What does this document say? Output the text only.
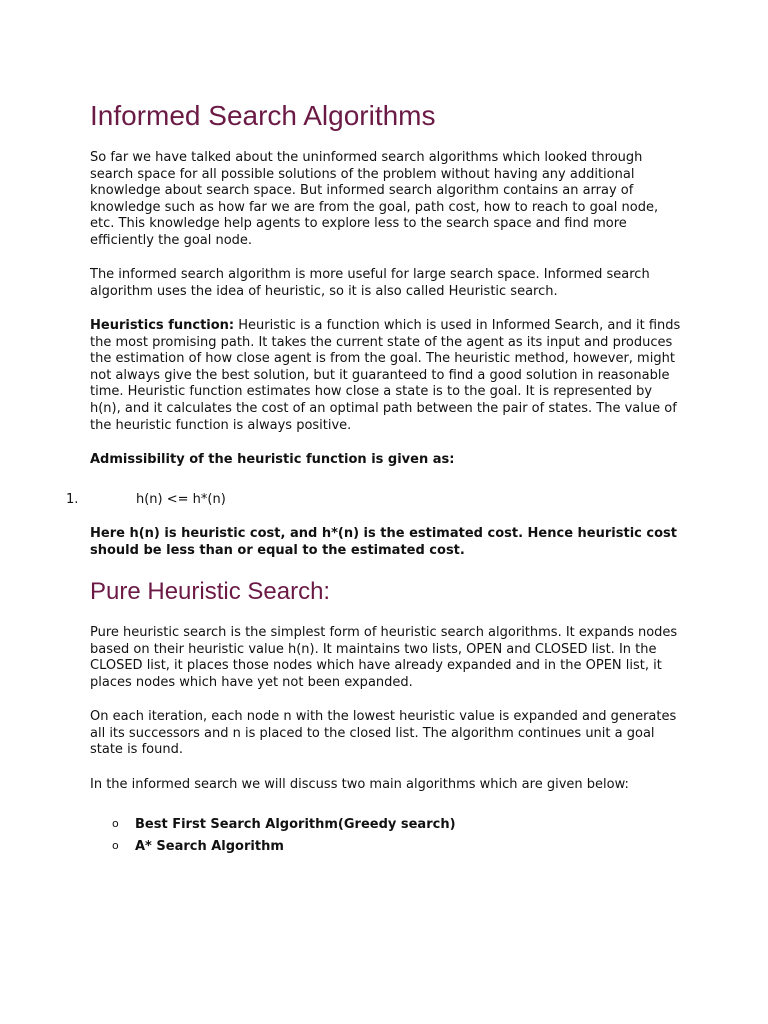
Informed Search Algorithms

So far we have talked about the uninformed search algorithms which looked through search space for all possible solutions of the problem without having any additional knowledge about search space. But informed search algorithm contains an array of knowledge such as how far we are from the goal, path cost, how to reach to goal node, etc. This knowledge help agents to explore less to the search space and find more efficiently the goal node.

The informed search algorithm is more useful for large search space. Informed search algorithm uses the idea of heuristic, so it is also called Heuristic search.

Heuristics function: Heuristic is a function which is used in Informed Search, and it finds the most promising path. It takes the current state of the agent as its input and produces the estimation of how close agent is from the goal. The heuristic method, however, might not always give the best solution, but it guaranteed to find a good solution in reasonable time. Heuristic function estimates how close a state is to the goal. It is represented by h(n), and it calculates the cost of an optimal path between the pair of states. The value of the heuristic function is always positive.

Admissibility of the heuristic function is given as:

1.	h(n) <= h*(n)

Here h(n) is heuristic cost, and h*(n) is the estimated cost. Hence heuristic cost should be less than or equal to the estimated cost.

Pure Heuristic Search:

Pure heuristic search is the simplest form of heuristic search algorithms. It expands nodes based on their heuristic value h(n). It maintains two lists, OPEN and CLOSED list. In the CLOSED list, it places those nodes which have already expanded and in the OPEN list, it places nodes which have yet not been expanded.

On each iteration, each node n with the lowest heuristic value is expanded and generates all its successors and n is placed to the closed list. The algorithm continues unit a goal state is found.

In the informed search we will discuss two main algorithms which are given below:

o Best First Search Algorithm(Greedy search)
o A* Search Algorithm
